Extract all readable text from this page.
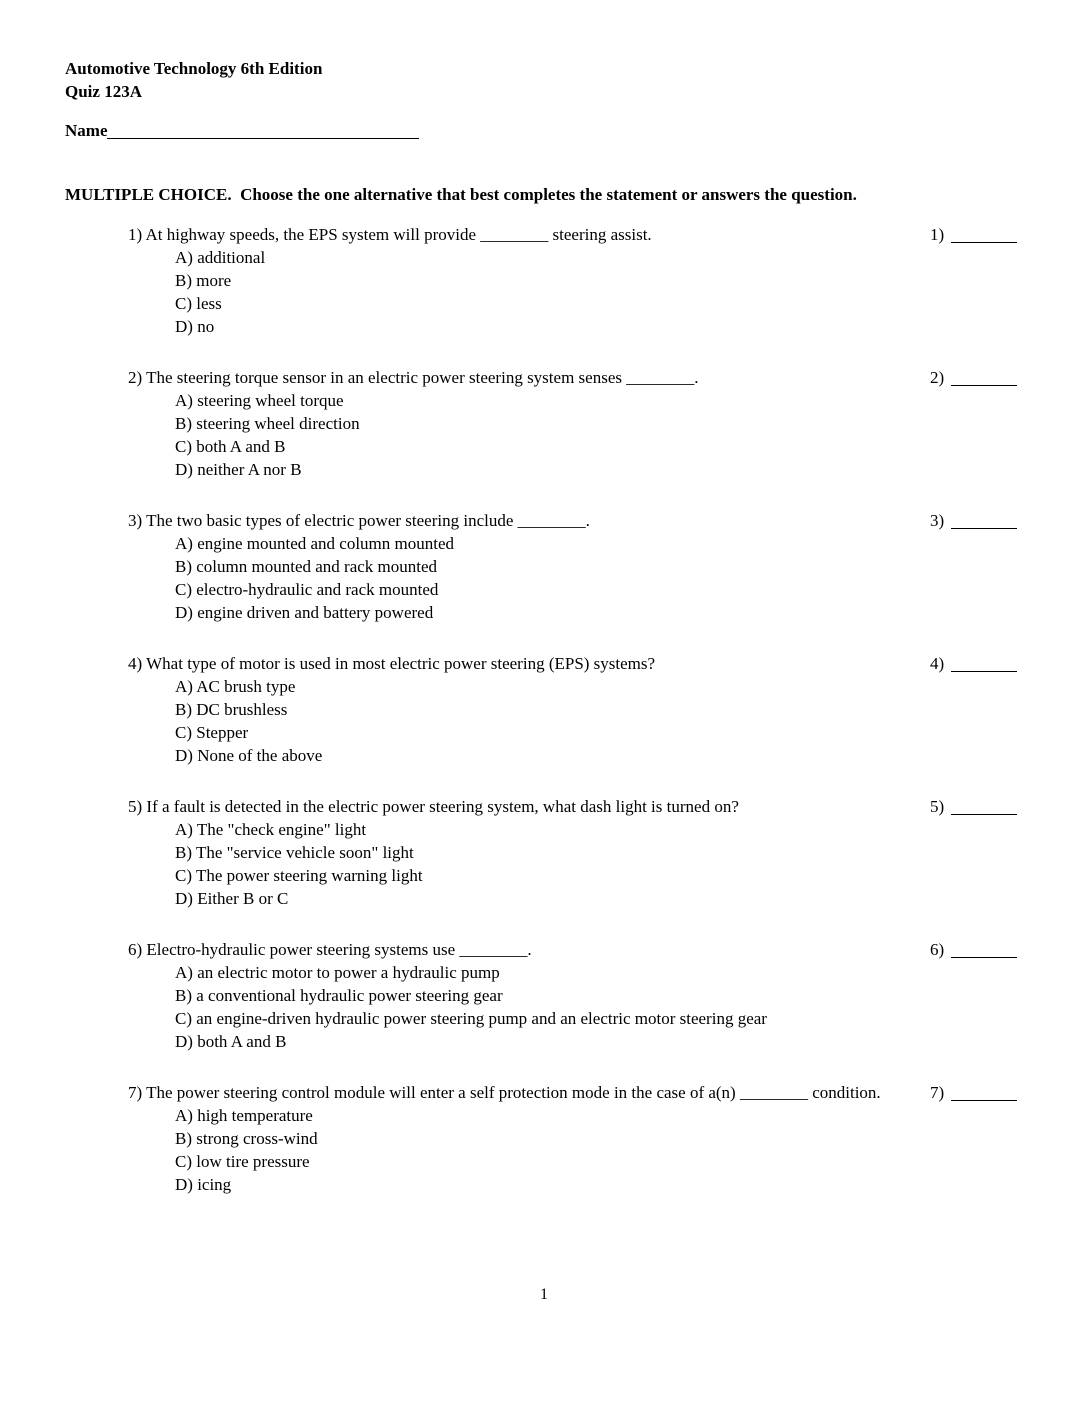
Automotive Technology 6th Edition
Quiz 123A
Name
MULTIPLE CHOICE.  Choose the one alternative that best completes the statement or answers the question.
1) At highway speeds, the EPS system will provide ________ steering assist.
A) additional
B) more
C) less
D) no
1)
2) The steering torque sensor in an electric power steering system senses ________.
A) steering wheel torque
B) steering wheel direction
C) both A and B
D) neither A nor B
2)
3) The two basic types of electric power steering include ________.
A) engine mounted and column mounted
B) column mounted and rack mounted
C) electro-hydraulic and rack mounted
D) engine driven and battery powered
3)
4) What type of motor is used in most electric power steering (EPS) systems?
A) AC brush type
B) DC brushless
C) Stepper
D) None of the above
4)
5) If a fault is detected in the electric power steering system, what dash light is turned on?
A) The "check engine" light
B) The "service vehicle soon" light
C) The power steering warning light
D) Either B or C
5)
6) Electro-hydraulic power steering systems use ________.
A) an electric motor to power a hydraulic pump
B) a conventional hydraulic power steering gear
C) an engine-driven hydraulic power steering pump and an electric motor steering gear
D) both A and B
6)
7) The power steering control module will enter a self protection mode in the case of a(n) ________ condition.
A) high temperature
B) strong cross-wind
C) low tire pressure
D) icing
7)
1
